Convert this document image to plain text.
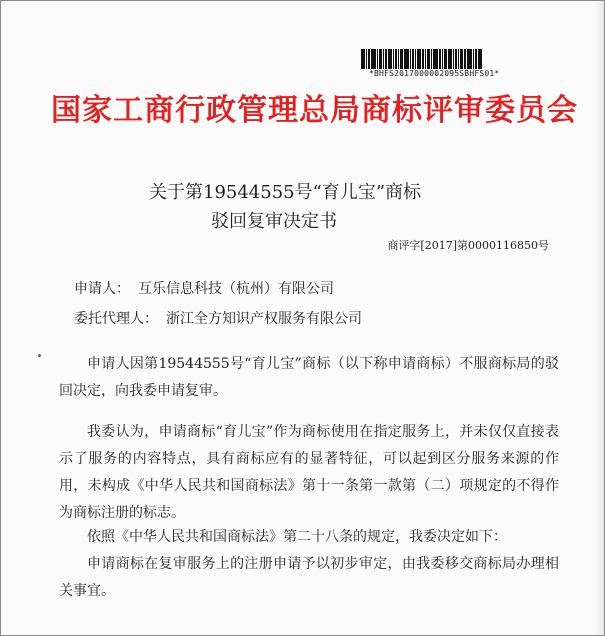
*BHFS2017000002095SBHFS01*
国家工商行政管理总局商标评审委员会
关于第19544555号“育儿宝”商标
驳回复审决定书
商评字[2017]第0000116850号
申请人： 互乐信息科技（杭州）有限公司
委托代理人： 浙江全方知识产权服务有限公司

申请人因第19544555号“育儿宝”商标（以下称申请商标）不服商标局的驳回决定，向我委申请复审。

我委认为，申请商标“育儿宝”作为商标使用在指定服务上，并未仅仅直接表示了服务的内容特点，具有商标应有的显著特征，可以起到区分服务来源的作用，未构成《中华人民共和国商标法》第十一条第一款第（二）项规定的不得作为商标注册的标志。

依照《中华人民共和国商标法》第二十八条的规定，我委决定如下：

申请商标在复审服务上的注册申请予以初步审定，由我委移交商标局办理相关事宜。
